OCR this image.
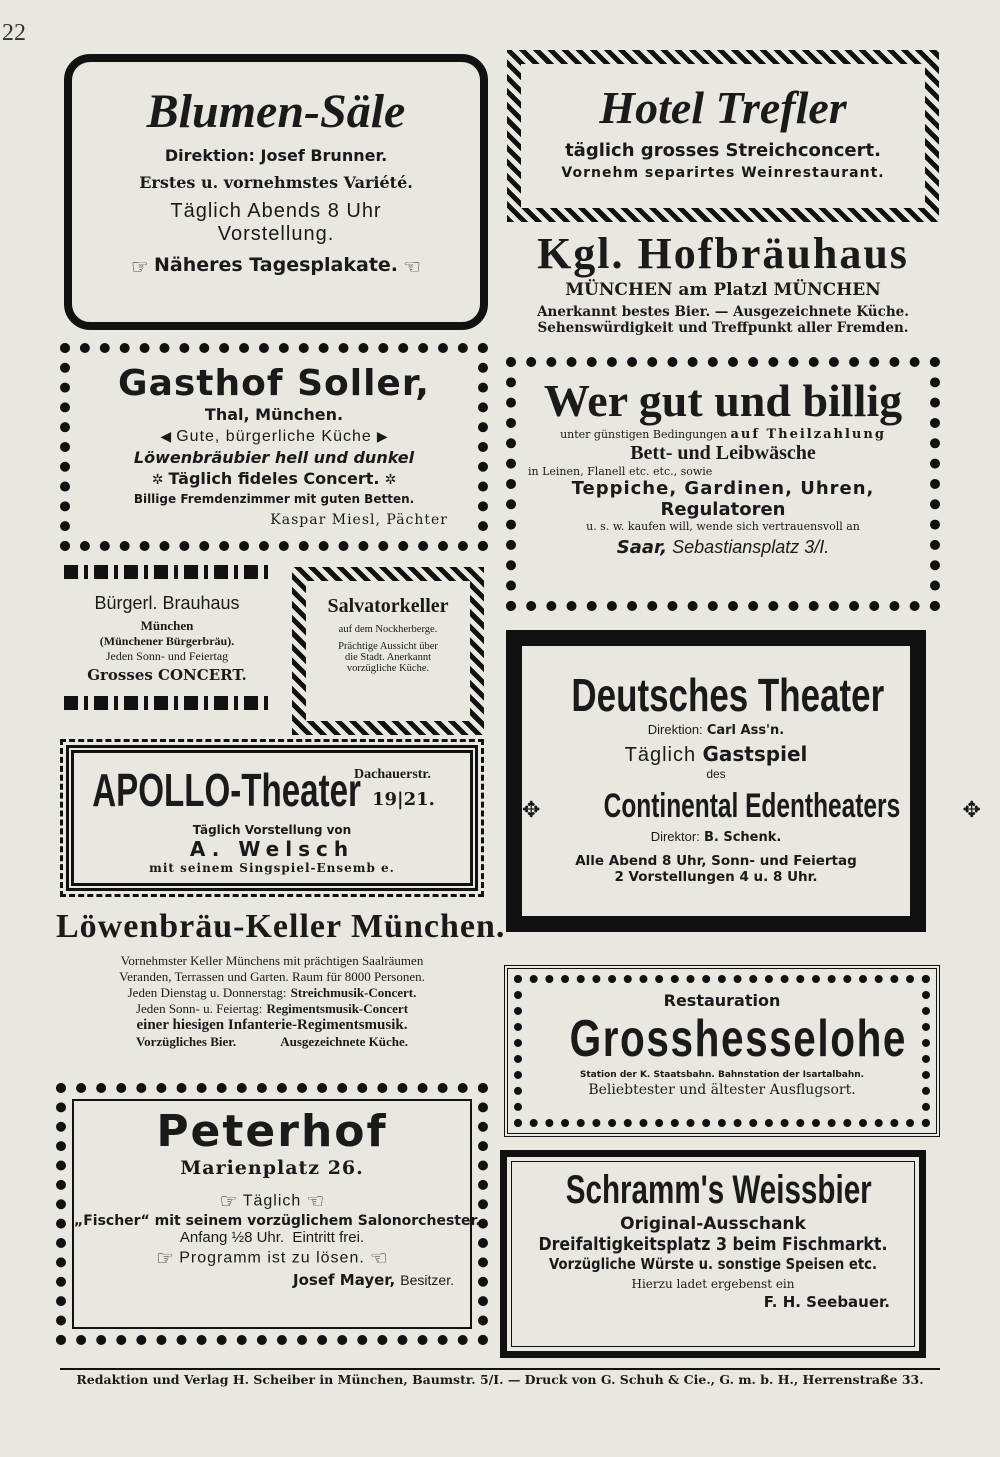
22
Blumen-Säle
Direktion: Josef Brunner.
Erstes u. vornehmstes Variété.
Täglich Abends 8 Uhr
Vorstellung.
☞ Näheres Tagesplakate. ☜
Hotel Trefler
täglich grosses Streichconcert.
Vornehm separirtes Weinrestaurant.
Kgl. Hofbräuhaus
MÜNCHEN am Platzl MÜNCHEN
Anerkannt bestes Bier. — Ausgezeichnete Küche.
Sehenswürdigkeit und Treffpunkt aller Fremden.
Gasthof Soller,
Thal, München.
◀ Gute, bürgerliche Küche ▶
Löwenbräubier hell und dunkel
✲ Täglich fideles Concert. ✲
Billige Fremdenzimmer mit guten Betten.
Kaspar Miesl, Pächter
Wer gut und billig
unter günstigen Bedingungen auf Theilzahlung
Bett- und Leibwäsche
in Leinen, Flanell etc. etc., sowie
Teppiche, Gardinen, Uhren,
Regulatoren
u. s. w. kaufen will, wende sich vertrauensvoll an
Saar, Sebastiansplatz 3/I.
Bürgerl. Brauhaus
München
(Münchener Bürgerbräu).
Jeden Sonn- und Feiertag
Grosses CONCERT.
Salvatorkeller
auf dem Nockherberge.
Prächtige Aussicht über
die Stadt. Anerkannt
vorzügliche Küche.
Deutsches Theater
Direktion: Carl Ass'n.
Täglich Gastspiel
des
✥ Continental Edentheaters	✥
Direktor: B. Schenk.
Alle Abend 8 Uhr, Sonn- und Feiertag
2 Vorstellungen 4 u. 8 Uhr.
APOLLO-Theater
Dachauerstr.
19|21.
Täglich Vorstellung von
A. Welsch
mit seinem Singspiel-Ensemb e.
Löwenbräu-Keller München.
Vornehmster Keller Münchens mit prächtigen Saalräumen
Veranden, Terrassen und Garten. Raum für 8000 Personen.
Jeden Dienstag u. Donnerstag: Streichmusik-Concert.
Jeden Sonn- u. Feiertag: Regimentsmusik-Concert
einer hiesigen Infanterie-Regimentsmusik.
Vorzügliches Bier.	Ausgezeichnete Küche.
Restauration
Grosshesselohe
Station der K. Staatsbahn. Bahnstation der Isartalbahn.
Beliebtester und ältester Ausflugsort.
Peterhof
Marienplatz 26.
☞ Täglich ☜
„Fischer“ mit seinem vorzüglichem Salonorchester.
Anfang ½8 Uhr.  Eintritt frei.
☞ Programm ist zu lösen. ☜
Josef Mayer, Besitzer.
Schramm's Weissbier
Original-Ausschank
Dreifaltigkeitsplatz 3 beim Fischmarkt.
Vorzügliche Würste u. sonstige Speisen etc.
Hierzu ladet ergebenst ein
F. H. Seebauer.
Redaktion und Verlag H. Scheiber in München, Baumstr. 5/I. — Druck von G. Schuh & Cie., G. m. b. H., Herrenstraße 33.
